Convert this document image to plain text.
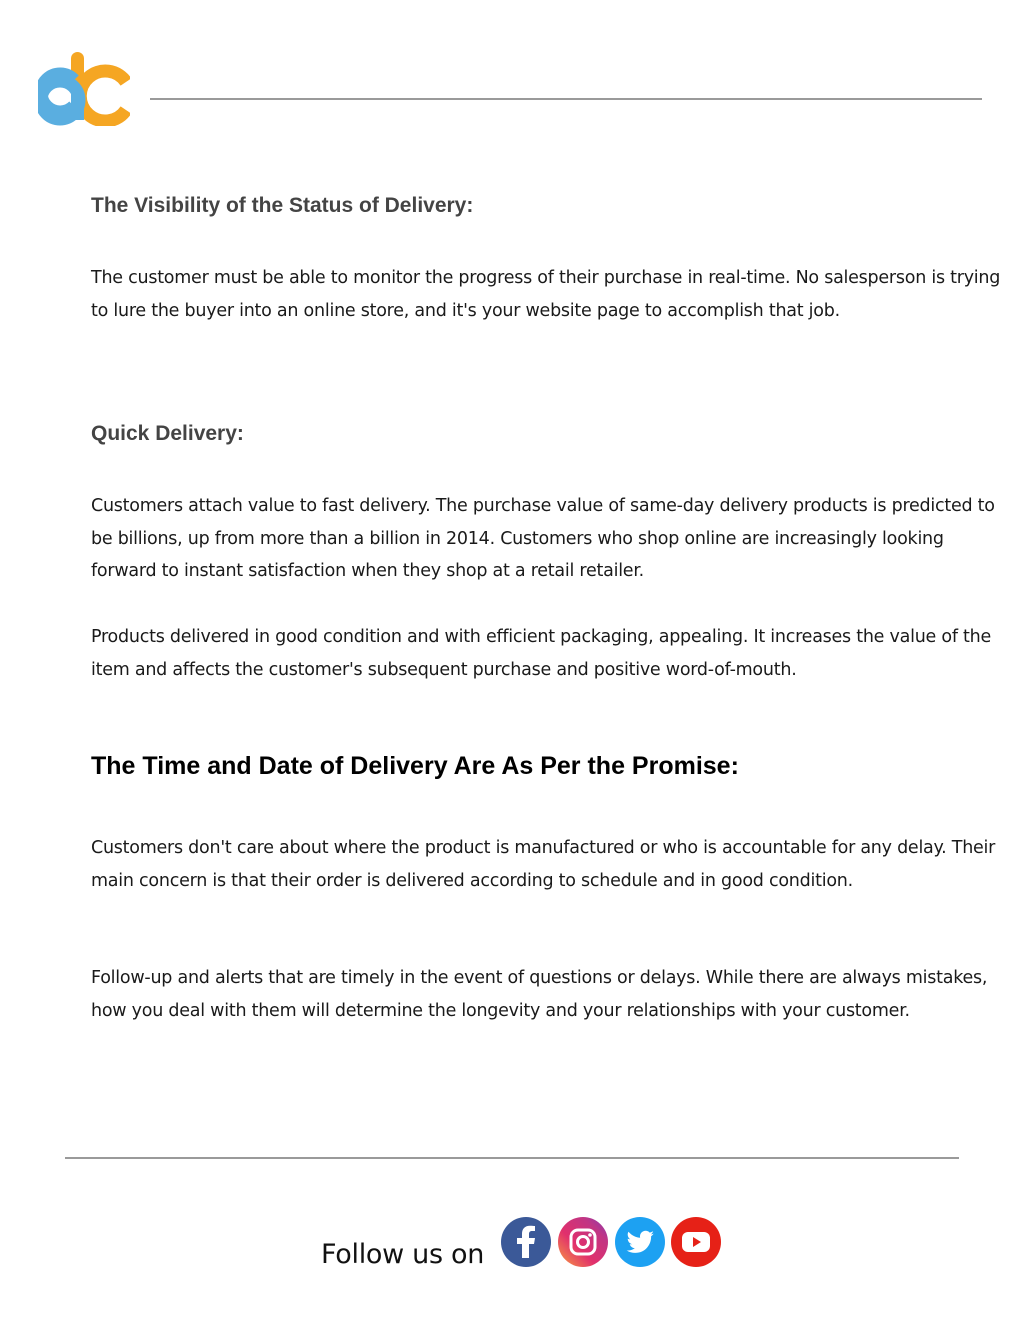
The Visibility of the Status of Delivery:

The customer must be able to monitor the progress of their purchase in real-time. No salesperson is trying to lure the buyer into an online store, and it's your website page to accomplish that job.

Quick Delivery:

Customers attach value to fast delivery. The purchase value of same-day delivery products is predicted to be billions, up from more than a billion in 2014. Customers who shop online are increasingly looking forward to instant satisfaction when they shop at a retail retailer.

Products delivered in good condition and with efficient packaging, appealing. It increases the value of the item and affects the customer's subsequent purchase and positive word-of-mouth.

The Time and Date of Delivery Are As Per the Promise:

Customers don't care about where the product is manufactured or who is accountable for any delay. Their main concern is that their order is delivered according to schedule and in good condition.

Follow-up and alerts that are timely in the event of questions or delays. While there are always mistakes, how you deal with them will determine the longevity and your relationships with your customer.

Follow us on
